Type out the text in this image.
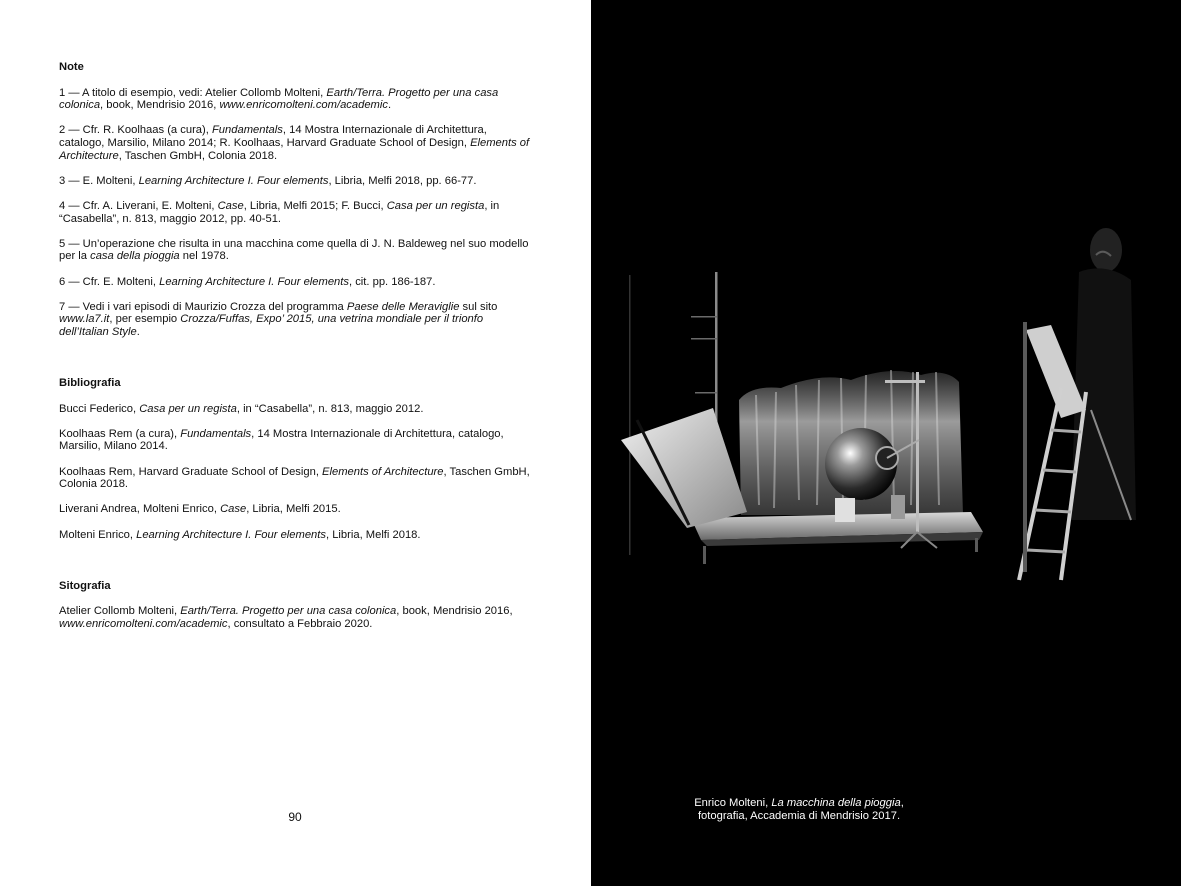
Note
1 — A titolo di esempio, vedi: Atelier Collomb Molteni, Earth/Terra. Progetto per una casa colonica, book, Mendrisio 2016, www.enricomolteni.com/academic.
2 — Cfr. R. Koolhaas (a cura), Fundamentals, 14 Mostra Internazionale di Architettura, catalogo, Marsilio, Milano 2014; R. Koolhaas, Harvard Graduate School of Design, Elements of Architecture, Taschen GmbH, Colonia 2018.
3 — E. Molteni, Learning Architecture I. Four elements, Libria, Melfi 2018, pp. 66-77.
4 — Cfr. A. Liverani, E. Molteni, Case, Libria, Melfi 2015; F. Bucci, Casa per un regista, in “Casabella”, n. 813, maggio 2012, pp. 40-51.
5 — Un’operazione che risulta in una macchina come quella di J. N. Baldeweg nel suo modello per la casa della pioggia nel 1978.
6 — Cfr. E. Molteni, Learning Architecture I. Four elements, cit. pp. 186-187.
7 — Vedi i vari episodi di Maurizio Crozza del programma Paese delle Meraviglie sul sito www.la7.it, per esempio Crozza/Fuffas, Expo’ 2015, una vetrina mondiale per il trionfo dell’Italian Style.
Bibliografia
Bucci Federico, Casa per un regista, in “Casabella”, n. 813, maggio 2012.
Koolhaas Rem (a cura), Fundamentals, 14 Mostra Internazionale di Architettura, catalogo, Marsilio, Milano 2014.
Koolhaas Rem, Harvard Graduate School of Design, Elements of Architecture, Taschen GmbH, Colonia 2018.
Liverani Andrea, Molteni Enrico, Case, Libria, Melfi 2015.
Molteni Enrico, Learning Architecture I. Four elements, Libria, Melfi 2018.
Sitografia
Atelier Collomb Molteni, Earth/Terra. Progetto per una casa colonica, book, Mendrisio 2016, www.enricomolteni.com/academic, consultato a Febbraio 2020.
90
Enrico Molteni, La macchina della pioggia,
fotografia, Accademia di Mendrisio 2017.
